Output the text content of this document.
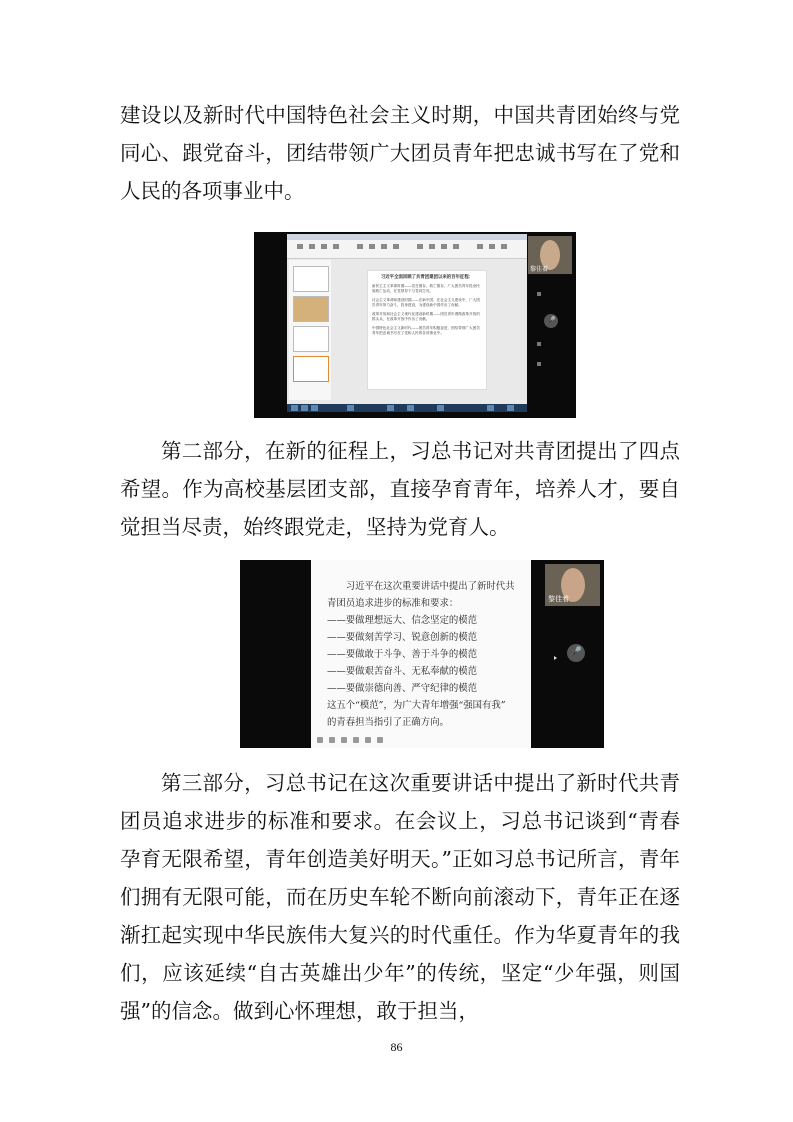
建设以及新时代中国特色社会主义时期，中国共青团始终与党同心、跟党奋斗，团结带领广大团员青年把忠诚书写在了党和人民的各项事业中。
习近平全面回顾了共青团建团以来的百年征程：

新民主主义革命时期——党在图存、救亡图存，广大团员青年投身民族救亡运动，在党领导下与党同生死。

社会主义革命和建设时期——在新中国，在社会主义建设中，广大团员青年努力奋斗，投身建设，为建设新中国作出了贡献。

改革开放和社会主义现代化建设新时期——团员青年勇做改革开放的排头兵，在改革开放中作出了贡献。

中国特色社会主义新时代——团员青年积极奋进，团结带领广大团员青年把忠诚书写在了党和人民的各项事业中。

黎佳着
🎤
第二部分，在新的征程上，习总书记对共青团提出了四点希望。作为高校基层团支部，直接孕育青年，培养人才，要自觉担当尽责，始终跟党走，坚持为党育人。
　　习近平在这次重要讲话中提出了新时代共
青团员追求进步的标准和要求：
——要做理想远大、信念坚定的模范
——要做刻苦学习、锐意创新的模范
——要做敢于斗争、善于斗争的模范
——要做艰苦奋斗、无私奉献的模范
——要做崇德向善、严守纪律的模范
这五个“模范”，为广大青年增强“强国有我”
的青春担当指引了正确方向。
黎佳着
🎤
第三部分，习总书记在这次重要讲话中提出了新时代共青团员追求进步的标准和要求。在会议上，习总书记谈到“青春孕育无限希望，青年创造美好明天。”正如习总书记所言，青年们拥有无限可能，而在历史车轮不断向前滚动下，青年正在逐渐扛起实现中华民族伟大复兴的时代重任。作为华夏青年的我们，应该延续“自古英雄出少年”的传统，坚定“少年强，则国强”的信念。做到心怀理想，敢于担当，
86
